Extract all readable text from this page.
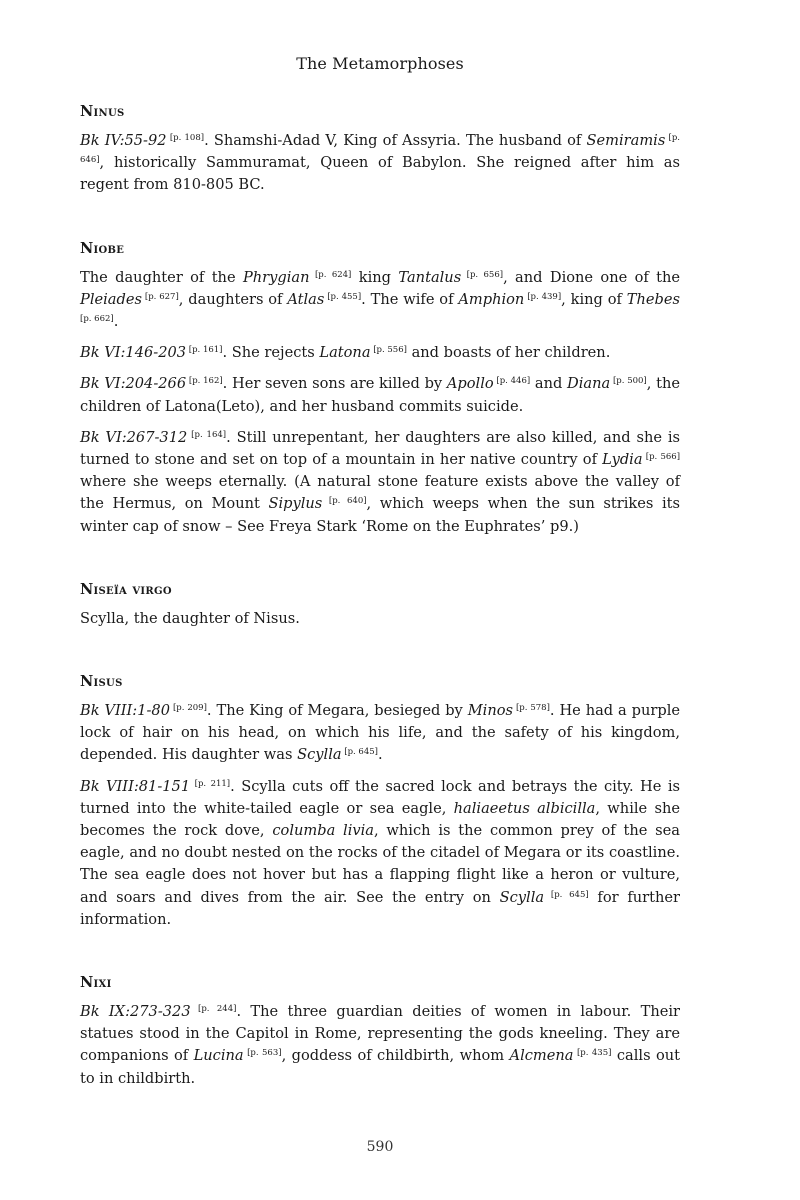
The Metamorphoses
Ninus

Bk IV:55-92 [p. 108]. Shamshi-Adad V, King of Assyria. The husband of Semiramis [p. 646], historically Sammuramat, Queen of Babylon. She reigned after him as regent from 810-805 BC.

Niobe

The daughter of the Phrygian [p. 624] king Tantalus [p. 656], and Dione one of the Pleiades [p. 627], daughters of Atlas [p. 455]. The wife of Amphion [p. 439], king of Thebes [p. 662].

Bk VI:146-203 [p. 161]. She rejects Latona [p. 556] and boasts of her children.

Bk VI:204-266 [p. 162]. Her seven sons are killed by Apollo [p. 446] and Diana [p. 500], the children of Latona(Leto), and her husband commits suicide.

Bk VI:267-312 [p. 164]. Still unrepentant, her daughters are also killed, and she is turned to stone and set on top of a mountain in her native country of Lydia [p. 566] where she weeps eternally. (A natural stone feature exists above the valley of the Hermus, on Mount Sipylus [p. 640], which weeps when the sun strikes its winter cap of snow – See Freya Stark ‘Rome on the Euphrates’ p9.)

Niseïa virgo

Scylla, the daughter of Nisus.

Nisus

Bk VIII:1-80 [p. 209]. The King of Megara, besieged by Minos [p. 578]. He had a purple lock of hair on his head, on which his life, and the safety of his kingdom, depended. His daughter was Scylla [p. 645].

Bk VIII:81-151 [p. 211]. Scylla cuts off the sacred lock and betrays the city. He is turned into the white-tailed eagle or sea eagle, haliaeetus albicilla, while she becomes the rock dove, columba livia, which is the common prey of the sea eagle, and no doubt nested on the rocks of the citadel of Megara or its coastline. The sea eagle does not hover but has a flapping flight like a heron or vulture, and soars and dives from the air. See the entry on Scylla [p. 645] for further information.

Nixi

Bk IX:273-323 [p. 244]. The three guardian deities of women in labour. Their statues stood in the Capitol in Rome, representing the gods kneeling. They are companions of Lucina [p. 563], goddess of childbirth, whom Alcmena [p. 435] calls out to in childbirth.

590
